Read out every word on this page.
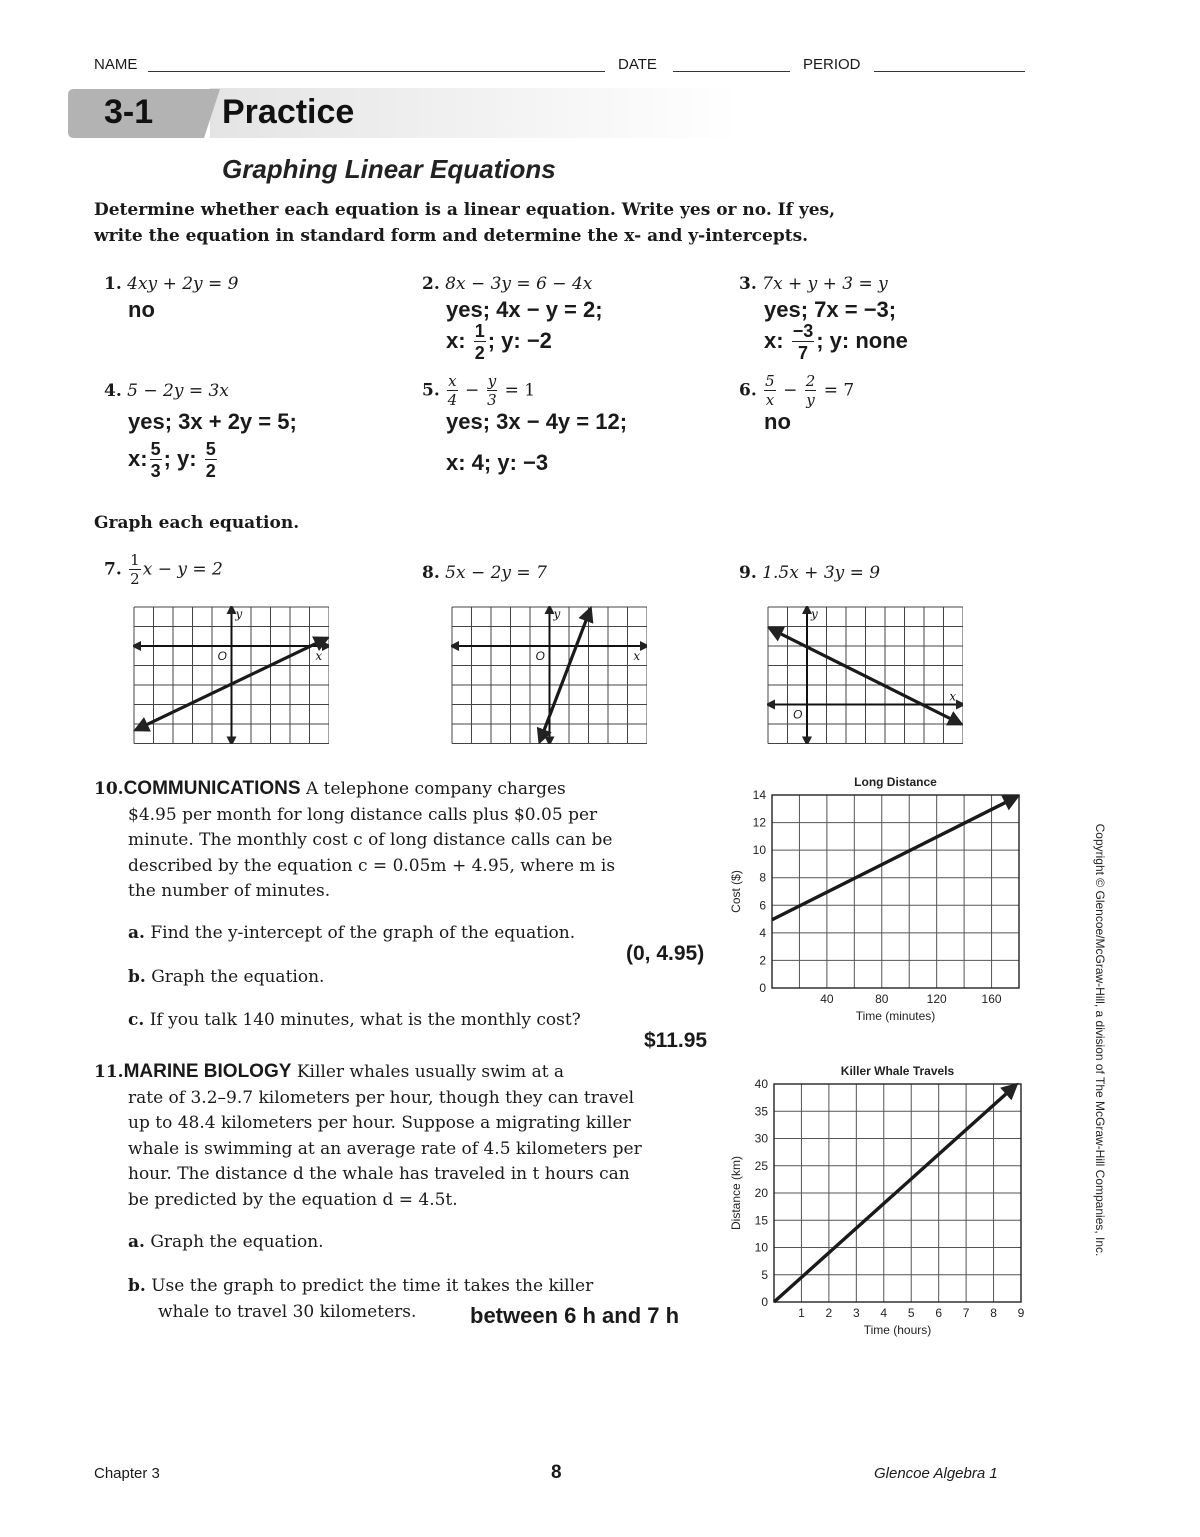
NAME	DATE	PERIOD
3-1 Practice
Graphing Linear Equations
Determine whether each equation is a linear equation. Write yes or no. If yes,
write the equation in standard form and determine the x- and y-intercepts.
1. 4xy + 2y = 9
no
2. 8x − 3y = 6 − 4x
yes; 4x − y = 2;
x: $\frac{1}{2}$ ; y: −2
3. 7x + y + 3 = y
yes; 7x = −3;
x: $\frac{-3}{7}$ ; y: none
4. 5 − 2y = 3x
yes; 3x + 2y = 5;
x: $\frac{5}{3}$ ; y: $\frac{5}{2}$
5. $\frac{x}{4} - \frac{y}{3} = 1$
yes; 3x − 4y = 12;
x: 4; y: −3
6. $\frac{5}{x} - \frac{2}{y} = 7$
no
Graph each equation.
7. $\frac{1}{2}$ x − y = 2	8. 5x − 2y = 7	9. 1.5x + 3y = 9
O	x
y
O	x
y
O
x
y
10.COMMUNICATIONS A telephone company charges
$4.95 per month for long distance calls plus $0.05 per
minute. The monthly cost c of long distance calls can be
described by the equation c = 0.05m + 4.95, where m is
the number of minutes.
a. Find the y-intercept of the graph of the equation.
(0, 4.95)
b. Graph the equation.
c. If you talk 140 minutes, what is the monthly cost?
$11.95
11.MARINE BIOLOGY Killer whales usually swim at a
rate of 3.2–9.7 kilometers per hour, though they can travel
up to 48.4 kilometers per hour. Suppose a migrating killer
whale is swimming at an average rate of 4.5 kilometers per
hour. The distance d the whale has traveled in t hours can
be predicted by the equation d = 4.5t.
a. Graph the equation.
b. Use the graph to predict the time it takes the killer
whale to travel 30 kilometers. between 6 h and 7 h
Long Distance
Time (minutes)
Cost ($)
0
2
4
6
8
10
12
14
40	80	120	160
Killer Whale Travels
Time (hours)
Distance (km)
0
5
10
15
20
25
30
35
40
1 2 3 4 5 6 7 8 9
Copyright © Glencoe/McGraw-Hill, a division of The McGraw-Hill Companies, Inc.
Chapter 3	8	Glencoe Algebra 1
